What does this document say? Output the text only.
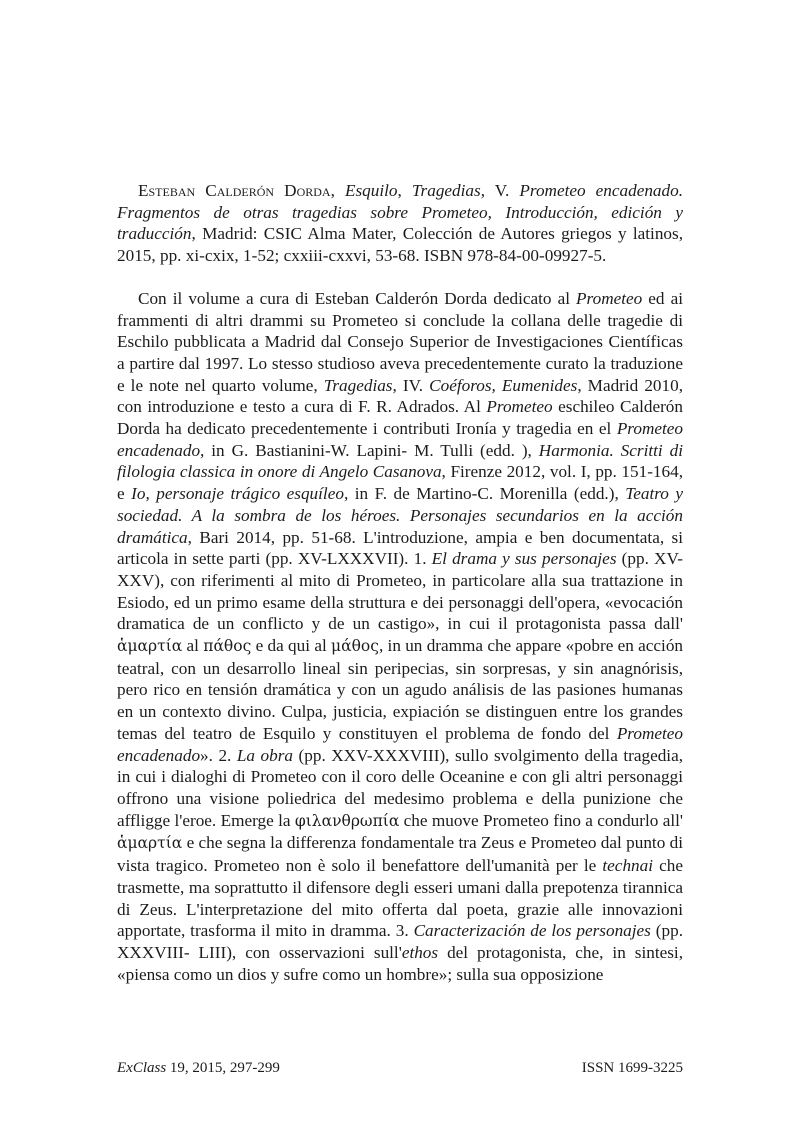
Esteban Calderón Dorda, Esquilo, Tragedias, V. Prometeo encadenado. Fragmentos de otras tragedias sobre Prometeo, Introducción, edición y traducción, Madrid: CSIC Alma Mater, Colección de Autores griegos y latinos, 2015, pp. xi-cxix, 1-52; cxxiii-cxxvi, 53-68. ISBN 978-84-00-09927-5.

Con il volume a cura di Esteban Calderón Dorda dedicato al Prometeo ed ai frammenti di altri drammi su Prometeo si conclude la collana delle tragedie di Eschilo pubblicata a Madrid dal Consejo Superior de Investigaciones Científicas a partire dal 1997. Lo stesso studioso aveva precedentemente curato la traduzione e le note nel quarto volume, Tragedias, IV. Coéforos, Eumenides, Madrid 2010, con introduzione e testo a cura di F. R. Adrados. Al Prometeo eschileo Calderón Dorda ha dedicato precedentemente i contributi Ironía y tragedia en el Prometeo encadenado, in G. Bastianini-W. Lapini- M. Tulli (edd. ), Harmonia. Scritti di filologia classica in onore di Angelo Casanova, Firenze 2012, vol. I, pp. 151-164, e Io, personaje trágico esquíleo, in F. de Martino-C. Morenilla (edd.), Teatro y sociedad. A la sombra de los héroes. Personajes secundarios en la acción dramática, Bari 2014, pp. 51-68. L'introduzione, ampia e ben documentata, si articola in sette parti (pp. XV-LXXXVII). 1. El drama y sus personajes (pp. XV-XXV), con riferimenti al mito di Prometeo, in particolare alla sua trattazione in Esiodo, ed un primo esame della struttura e dei personaggi dell'opera, «evocación dramatica de un conflicto y de un castigo», in cui il protagonista passa dall' ἁμαρτία al πάθος e da qui al μάθος, in un dramma che appare «pobre en acción teatral, con un desarrollo lineal sin peripecias, sin sorpresas, y sin anagnórisis, pero rico en tensión dramática y con un agudo análisis de las pasiones humanas en un contexto divino. Culpa, justicia, expiación se distinguen entre los grandes temas del teatro de Esquilo y constituyen el problema de fondo del Prometeo encadenado». 2. La obra (pp. XXV-XXXVIII), sullo svolgimento della tragedia, in cui i dialoghi di Prometeo con il coro delle Oceanine e con gli altri personaggi offrono una visione poliedrica del medesimo problema e della punizione che affligge l'eroe. Emerge la φιλανθρωπία che muove Prometeo fino a condurlo all' ἁμαρτία e che segna la differenza fondamentale tra Zeus e Prometeo dal punto di vista tragico. Prometeo non è solo il benefattore dell'umanità per le technai che trasmette, ma soprattutto il difensore degli esseri umani dalla prepotenza tirannica di Zeus. L'interpretazione del mito offerta dal poeta, grazie alle innovazioni apportate, trasforma il mito in dramma. 3. Caracterización de los personajes (pp. XXXVIII- LIII), con osservazioni sull'ethos del protagonista, che, in sintesi, «piensa como un dios y sufre como un hombre»; sulla sua opposizione

ExClass 19, 2015, 297-299	ISSN 1699-3225
